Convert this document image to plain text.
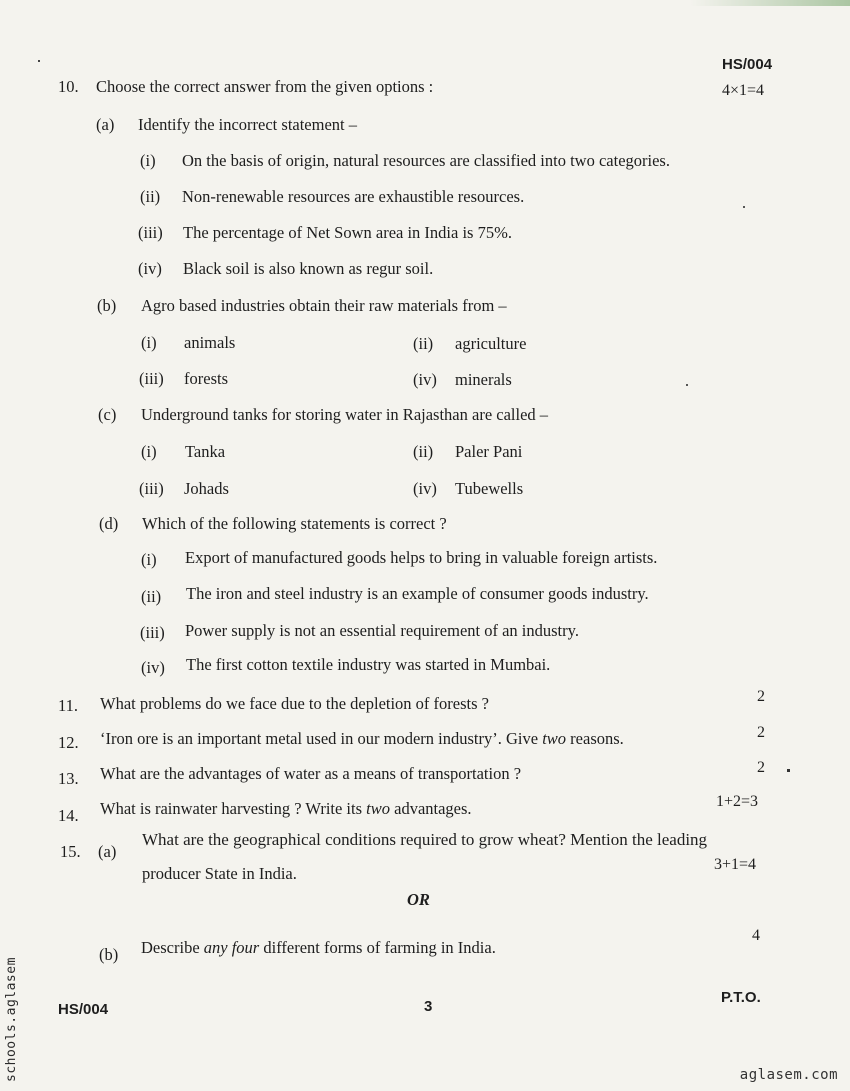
HS/004
10. Choose the correct answer from the given options :	4×1=4
(a) Identify the incorrect statement –
(i) On the basis of origin, natural resources are classified into two categories.
(ii) Non-renewable resources are exhaustible resources.
(iii) The percentage of Net Sown area in India is 75%.
(iv) Black soil is also known as regur soil.
(b) Agro based industries obtain their raw materials from –
(i) animals	(ii) agriculture
(iii) forests	(iv) minerals
(c) Underground tanks for storing water in Rajasthan are called –
(i) Tanka	(ii) Paler Pani
(iii) Johads	(iv) Tubewells
(d) Which of the following statements is correct ?
(i) Export of manufactured goods helps to bring in valuable foreign artists.
(ii) The iron and steel industry is an example of consumer goods industry.
(iii) Power supply is not an essential requirement of an industry.
(iv) The first cotton textile industry was started in Mumbai.
11. What problems do we face due to the depletion of forests ?	2
12. ‘Iron ore is an important metal used in our modern industry’. Give two reasons.	2
13. What are the advantages of water as a means of transportation ?	2
14. What is rainwater harvesting ? Write its two advantages.	1+2=3
15. (a)
What are the geographical conditions required to grow wheat? Mention the leading
producer State in India.	3+1=4
OR
(b) Describe any four different forms of farming in India.
4
HS/004	3
P.T.O.
schools.aglasem	aglasem.com
